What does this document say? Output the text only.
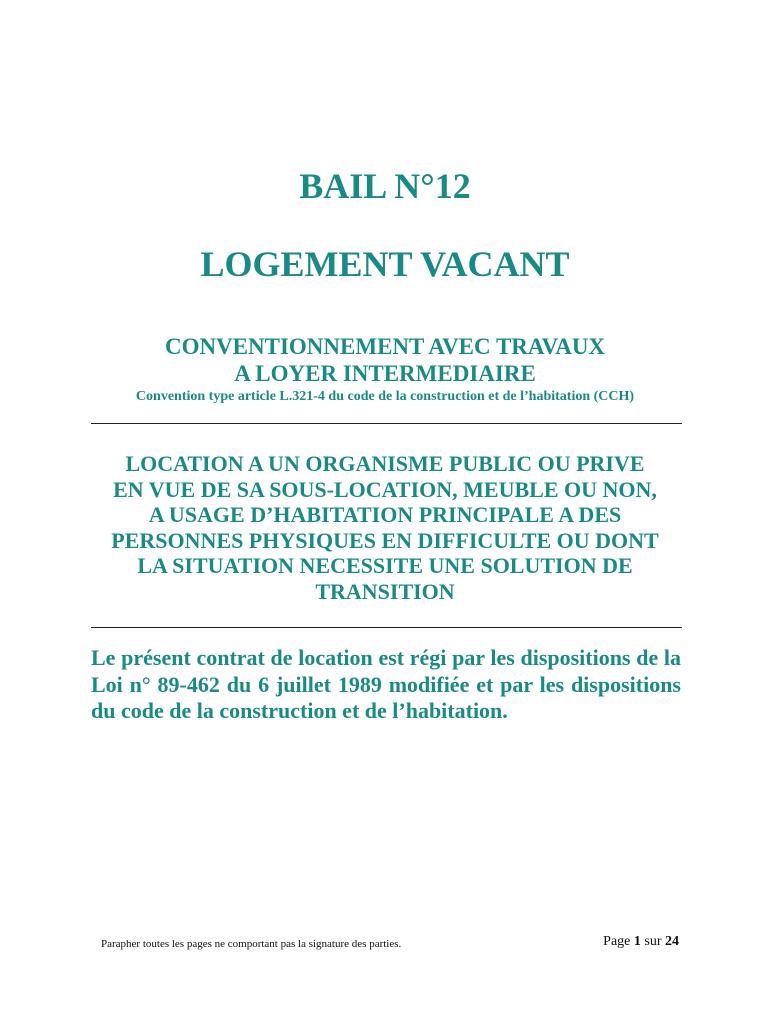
BAIL N°12
LOGEMENT VACANT
CONVENTIONNEMENT AVEC TRAVAUX
A LOYER INTERMEDIAIRE
Convention type article L.321-4 du code de la construction et de l’habitation (CCH)
LOCATION A UN ORGANISME PUBLIC OU PRIVE
EN VUE DE SA SOUS-LOCATION, MEUBLE OU NON,
A USAGE D’HABITATION PRINCIPALE A DES
PERSONNES PHYSIQUES EN DIFFICULTE OU DONT
LA SITUATION NECESSITE UNE SOLUTION DE
TRANSITION
Le présent contrat de location est régi par les dispositions de la Loi n° 89-462 du 6 juillet 1989 modifiée et par les dispositions du code de la construction et de l’habitation.
Parapher toutes les pages ne comportant pas la signature des parties.	Page 1 sur 24
